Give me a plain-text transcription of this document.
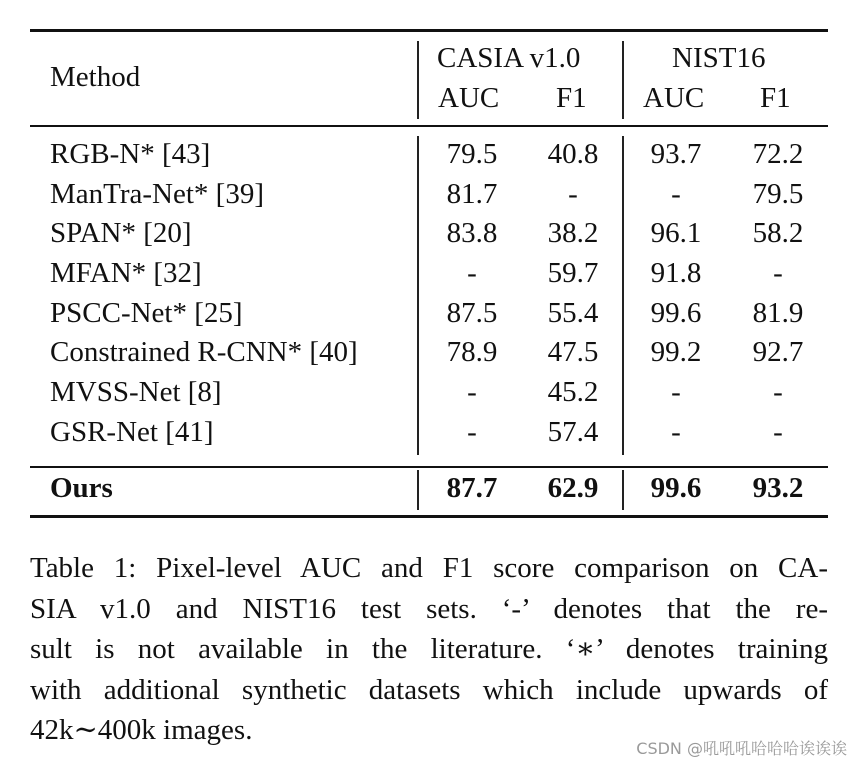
Method
CASIA v1.0	NIST16
AUC F1 AUC F1
RGB-N* [43]	79.5	40.8	93.7	72.2
ManTra-Net* [39]	81.7	-	-	79.5
SPAN* [20]	83.8	38.2	96.1	58.2
MFAN* [32]	-	59.7	91.8	-
PSCC-Net* [25]	87.5	55.4	99.6	81.9
Constrained R-CNN* [40]	78.9	47.5	99.2	92.7
MVSS-Net [8]	-	45.2	-	-
GSR-Net [41]	-	57.4	-	-
Ours	87.7	62.9	99.6	93.2
Table 1: Pixel-level AUC and F1 score comparison on CA-
SIA v1.0 and NIST16 test sets. ‘-’ denotes that the re-
sult is not available in the literature. ‘∗’ denotes training
with additional synthetic datasets which include upwards of
42k∼400k images.
CSDN @吼吼吼哈哈哈诶诶诶
